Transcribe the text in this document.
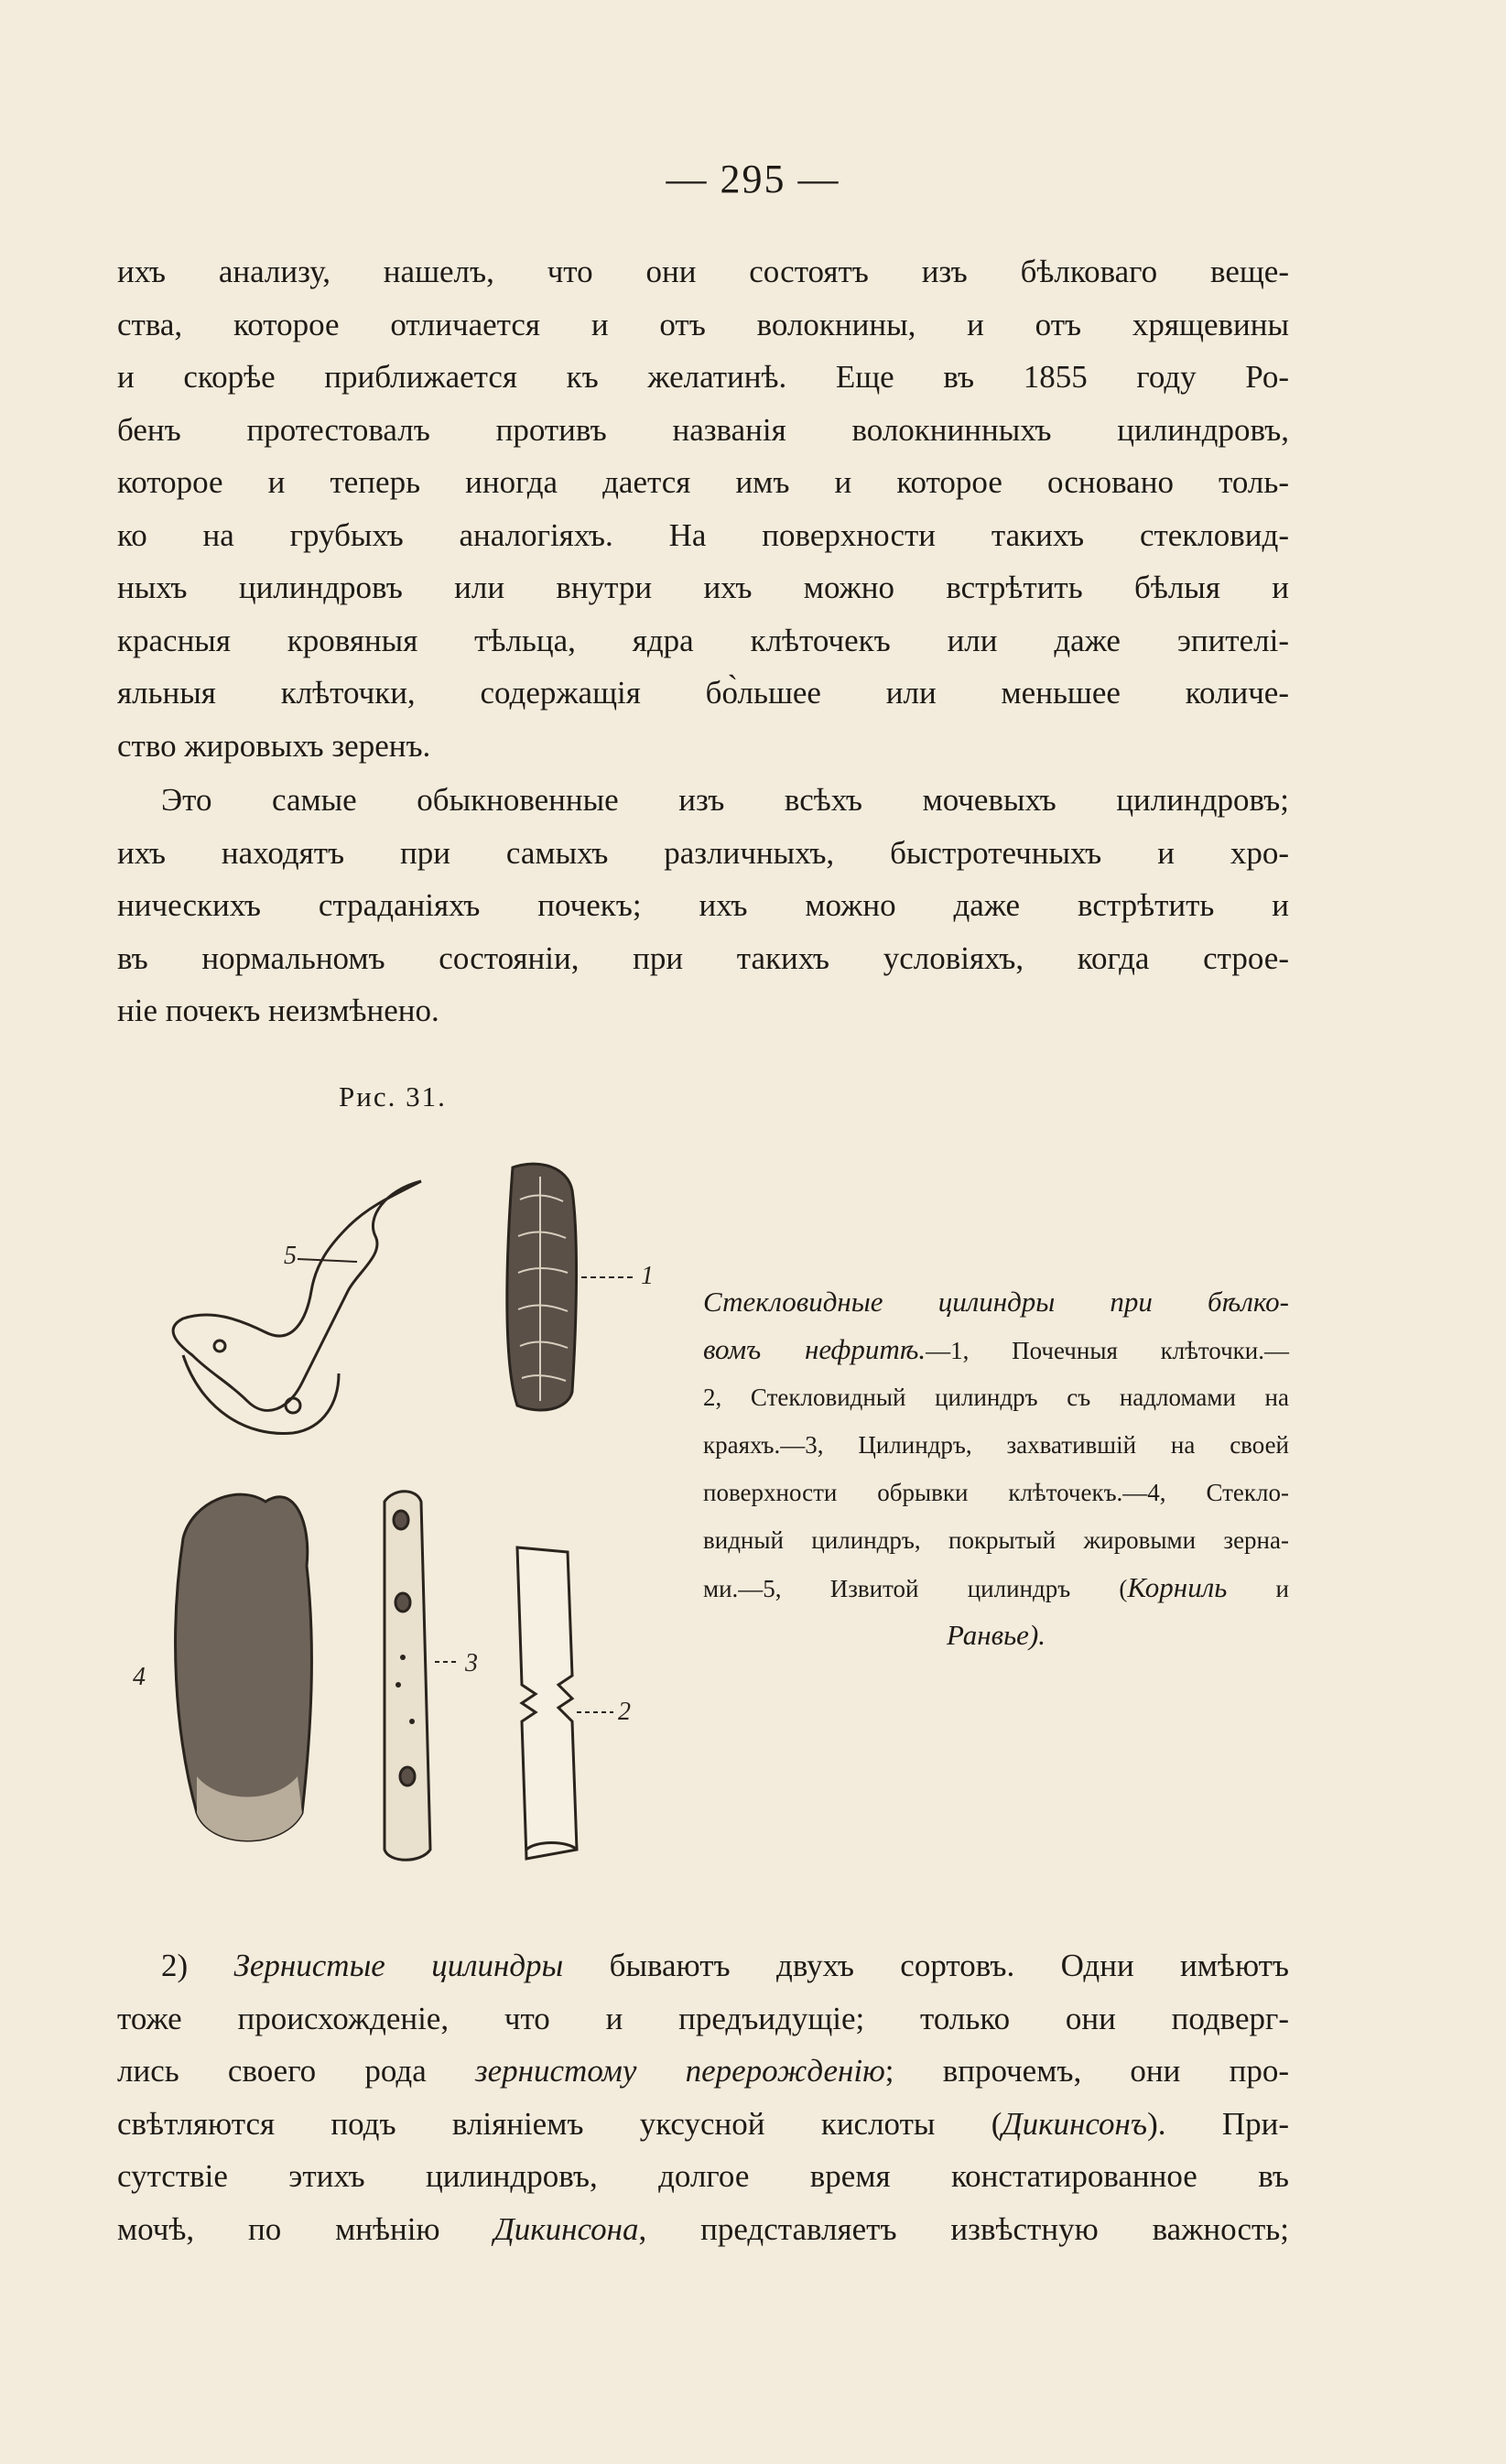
— 295 —
ихъ анализу, нашелъ, что они состоятъ изъ бѣлковаго веще-
ства, которое отличается и отъ волокнины, и отъ хрящевины
и скорѣе приближается къ желатинѣ. Еще въ 1855 году Ро-
бенъ протестовалъ противъ названія волокнинныхъ цилиндровъ,
которое и теперь иногда дается имъ и которое основано толь-
ко на грубыхъ аналогіяхъ. На поверхности такихъ стекловид-
ныхъ цилиндровъ или внутри ихъ можно встрѣтить бѣлыя и
красныя кровяныя тѣльца, ядра клѣточекъ или даже эпителі-
яльныя клѣточки, содержащія бо̀льшее или меньшее количе-
ство жировыхъ зеренъ.
Это самые обыкновенные изъ всѣхъ мочевыхъ цилиндровъ;
ихъ находятъ при самыхъ различныхъ, быстротечныхъ и хро-
ническихъ страданіяхъ почекъ; ихъ можно даже встрѣтить и
въ нормальномъ состояніи, при такихъ условіяхъ, когда строе-
ніе почекъ неизмѣнено.
Рис. 31.
5
1
4	3
2
Стекловидные цилиндры при бѣлко-
вомъ нефритѣ.—1, Почечныя клѣточки.—
2, Стекловидный цилиндръ съ надломами на
краяхъ.—3, Цилиндръ, захватившій на своей
поверхности обрывки клѣточекъ.—4, Стекло-
видный цилиндръ, покрытый жировыми зерна-
ми.—5, Извитой цилиндръ (Корниль и
Ранвье).
2) Зернистые цилиндры бываютъ двухъ сортовъ. Одни имѣютъ
тоже происхожденіе, что и предъидущіе; только они подверг-
лись своего рода зернистому перерожденію; впрочемъ, они про-
свѣтляются подъ вліяніемъ уксусной кислоты (Дикинсонъ). При-
сутствіе этихъ цилиндровъ, долгое время констатированное въ
мочѣ, по мнѣнію Дикинсона, представляетъ извѣстную важность;
